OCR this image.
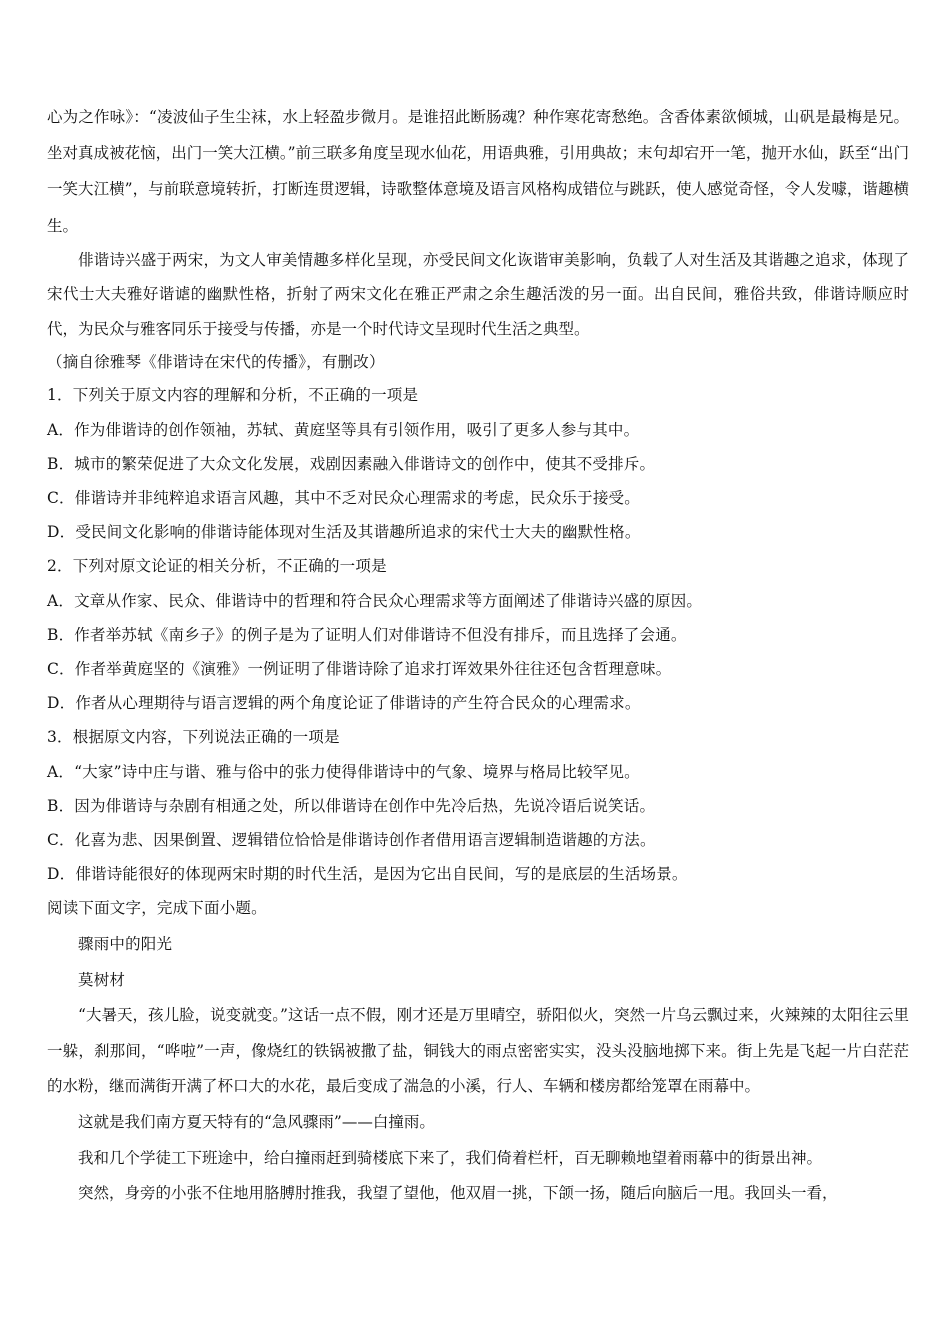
心为之作咏》：“凌波仙子生尘袜，水上轻盈步微月。是谁招此断肠魂？种作寒花寄愁绝。含香体素欲倾城，山矾是最梅是兄。坐对真成被花恼，出门一笑大江横。”前三联多角度呈现水仙花，用语典雅，引用典故；末句却宕开一笔，抛开水仙，跃至“出门一笑大江横”，与前联意境转折，打断连贯逻辑，诗歌整体意境及语言风格构成错位与跳跃，使人感觉奇怪，令人发噱，谐趣横生。
俳谐诗兴盛于两宋，为文人审美情趣多样化呈现，亦受民间文化诙谐审美影响，负载了人对生活及其谐趣之追求，体现了宋代士大夫雅好谐谑的幽默性格，折射了两宋文化在雅正严肃之余生趣活泼的另一面。出自民间，雅俗共致，俳谐诗顺应时代，为民众与雅客同乐于接受与传播，亦是一个时代诗文呈现时代生活之典型。
（摘自徐雅琴《俳谐诗在宋代的传播》，有删改）
1．下列关于原文内容的理解和分析，不正确的一项是
A．作为俳谐诗的创作领袖，苏轼、黄庭坚等具有引领作用，吸引了更多人参与其中。
B．城市的繁荣促进了大众文化发展，戏剧因素融入俳谐诗文的创作中，使其不受排斥。
C．俳谐诗并非纯粹追求语言风趣，其中不乏对民众心理需求的考虑，民众乐于接受。
D．受民间文化影响的俳谐诗能体现对生活及其谐趣所追求的宋代士大夫的幽默性格。
2．下列对原文论证的相关分析，不正确的一项是
A．文章从作家、民众、俳谐诗中的哲理和符合民众心理需求等方面阐述了俳谐诗兴盛的原因。
B．作者举苏轼《南乡子》的例子是为了证明人们对俳谐诗不但没有排斥，而且选择了会通。
C．作者举黄庭坚的《演雅》一例证明了俳谐诗除了追求打诨效果外往往还包含哲理意味。
D．作者从心理期待与语言逻辑的两个角度论证了俳谐诗的产生符合民众的心理需求。
3．根据原文内容，下列说法正确的一项是
A．“大家”诗中庄与谐、雅与俗中的张力使得俳谐诗中的气象、境界与格局比较罕见。
B．因为俳谐诗与杂剧有相通之处，所以俳谐诗在创作中先冷后热，先说冷语后说笑话。
C．化喜为悲、因果倒置、逻辑错位恰恰是俳谐诗创作者借用语言逻辑制造谐趣的方法。
D．俳谐诗能很好的体现两宋时期的时代生活，是因为它出自民间，写的是底层的生活场景。
阅读下面文字，完成下面小题。
骤雨中的阳光
莫树材
“大暑天，孩儿脸，说变就变。”这话一点不假，刚才还是万里晴空，骄阳似火，突然一片乌云飘过来，火辣辣的太阳往云里一躲，刹那间，“哗啦”一声，像烧红的铁锅被撒了盐，铜钱大的雨点密密实实，没头没脑地掷下来。街上先是飞起一片白茫茫的水粉，继而满街开满了杯口大的水花，最后变成了湍急的小溪，行人、车辆和楼房都给笼罩在雨幕中。
这就是我们南方夏天特有的“急风骤雨”——白撞雨。
我和几个学徒工下班途中，给白撞雨赶到骑楼底下来了，我们倚着栏杆，百无聊赖地望着雨幕中的街景出神。
突然，身旁的小张不住地用胳膊肘推我，我望了望他，他双眉一挑，下颌一扬，随后向脑后一甩。我回头一看，
